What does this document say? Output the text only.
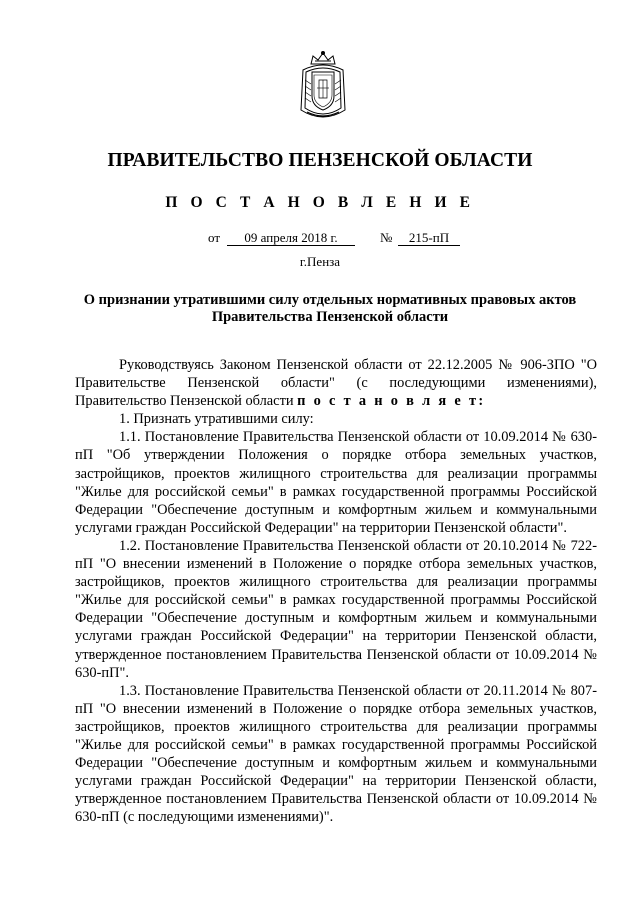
ПРАВИТЕЛЬСТВО ПЕНЗЕНСКОЙ ОБЛАСТИ
П О С Т А Н О В Л Е Н И Е
от	09 апреля 2018 г.	№	215-пП
г.Пенза
О признании утратившими силу отдельных нормативных правовых актов Правительства Пензенской области

Руководствуясь Законом Пензенской области от 22.12.2005 № 906-ЗПО "О Правительстве Пензенской области" (с последующими изменениями), Правительство Пензенской области п о с т а н о в л я е т:

1. Признать утратившими силу:

1.1. Постановление Правительства Пензенской области от 10.09.2014 № 630-пП "Об утверждении Положения о порядке отбора земельных участков, застройщиков, проектов жилищного строительства для реализации программы "Жилье для российской семьи" в рамках государственной программы Российской Федерации "Обеспечение доступным и комфортным жильем и коммунальными услугами граждан Российской Федерации" на территории Пензенской области".

1.2. Постановление Правительства Пензенской области от 20.10.2014 № 722-пП "О внесении изменений в Положение о порядке отбора земельных участков, застройщиков, проектов жилищного строительства для реализации программы "Жилье для российской семьи" в рамках государственной программы Российской Федерации "Обеспечение доступным и комфортным жильем и коммунальными услугами граждан Российской Федерации" на территории Пензенской области, утвержденное постановлением Правительства Пензенской области от 10.09.2014 № 630-пП".

1.3. Постановление Правительства Пензенской области от 20.11.2014 № 807-пП "О внесении изменений в Положение о порядке отбора земельных участков, застройщиков, проектов жилищного строительства для реализации программы "Жилье для российской семьи" в рамках государственной программы Российской Федерации "Обеспечение доступным и комфортным жильем и коммунальными услугами граждан Российской Федерации" на территории Пензенской области, утвержденное постановлением Правительства Пензенской области от 10.09.2014 № 630-пП (с последующими изменениями)".
